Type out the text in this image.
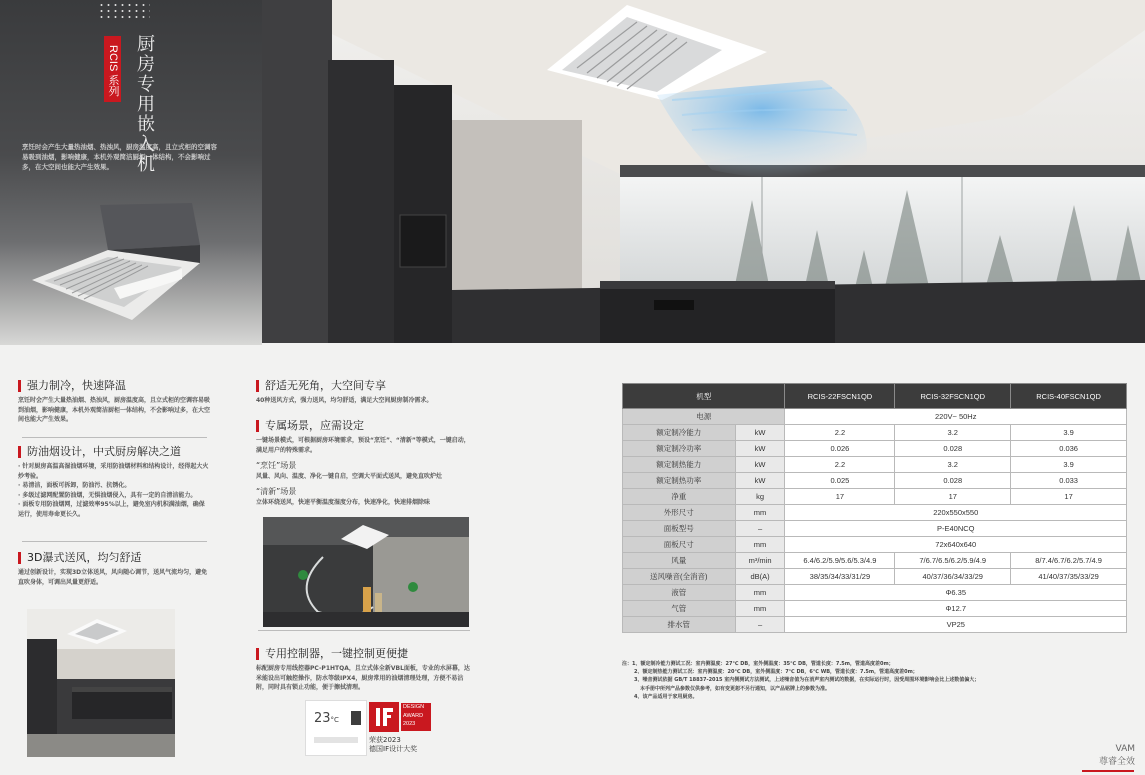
RCIS 系列 厨房专用嵌入机
烹饪时会产生大量热油烟、热浊风，厨房温度高，且立式柜的空调容易吸到油烟，影响健康，本机外观简洁厨柜一体结构，不会影响过多，在大空间也能大产生效果。
强力制冷，快速降温
烹饪时会产生大量热油烟、热浊风，厨房温度高，且立式柜的空调容易吸到油烟，影响健康，本机外观简洁厨柜一体结构，不会影响过多，在大空间也能大产生效果。
防油烟设计，中式厨房解决之道
· 针对厨房高温高湿油烟环境，采用防油烟材料和结构设计，经得起大火炒考验。
· 易清洁，面板可拆卸，防油污、抗锈化。
· 多级过滤网配置防油烟，无惧油烟侵入，具有一定的自清洁能力。
· 面板专用防油烟网，过滤效率95%以上，避免室内机积满油烟，确保运行，使用寿命更长久。
3D瀑式送风，均匀舒适
通过创新设计，实现3D立体送风，风向随心调节，送风气流均匀，避免直吹身体，可调出风量更舒适。
舒适无死角，大空间专享
40种送风方式，强力送风，均匀舒适，满足大空间厨房制冷需求。
专属场景，应需设定
一键场景模式，可根据厨房环境需求，预设“烹饪”、“清新”等模式，一键启动，满足用户的特殊需求。
“烹饪”场景
风量、风向、温度、净化一键自启，空调大平面式送风，避免直吹炉灶
“清新”场景
立体环绕送风，快速平衡温度湿度分布，快速净化，快速排烟除味
专用控制器，一键控制更便捷
标配厨房专用线控器PC-P1HTQA，且立式体全新VBL面板，专业的水屏幕，达米能设出可触控操作，防水等级IPX4，厨房常用的油烟清理处理，方便不易沾附，同时具有锁止功能，便于擦拭清理。
23°C
DESIGN
AWARD
2023
荣获2023
德国IF设计大奖
机型		RCIS-22FSCN1QD	RCIS-32FSCN1QD	RCIS-40FSCN1QD
电源		220V~ 50Hz		
额定制冷能力	kW	2.2	3.2	3.9
额定制冷功率	kW	0.026	0.028	0.036
额定制热能力	kW	2.2	3.2	3.9
额定制热功率	kW	0.025	0.028	0.033
净重	kg	17	17	17
外形尺寸	mm	220x550x550		
面板型号	–	P-E40NCQ		
面板尺寸	mm	72x640x640		
风量	m³/min	6.4/6.2/5.9/5.6/5.3/4.9	7/6.7/6.5/6.2/5.9/4.9	8/7.4/6.7/6.2/5.7/4.9
送风噪音(全消音)	dB(A)	38/35/34/33/31/29	40/37/36/34/33/29	41/40/37/35/33/29
液管	mm	Φ6.35		
气管	mm	Φ12.7		
排水管	–	VP25		
注：1、额定制冷能力测试工况：室内侧温度：27℃ DB，室外侧温度：35℃ DB，管道长度：7.5m，管道高度差0m；
2、额定制热能力测试工况：室内侧温度：20℃ DB，室外侧温度：7℃ DB，6℃ WB，管道长度：7.5m，管道高度差0m；
3、噪音测试依据 GB/T 18837-2015 室内侧测试方法测试，上述噪音值为在消声室内测试的数据，在实际运行时，因受周围环境影响会比上述数值偏大；
本手册中所列产品参数仅供参考，如有变更恕不另行通知，以产品铭牌上的参数为准。
4、该产品适用于家用厨房。
VAM
尊睿全效
